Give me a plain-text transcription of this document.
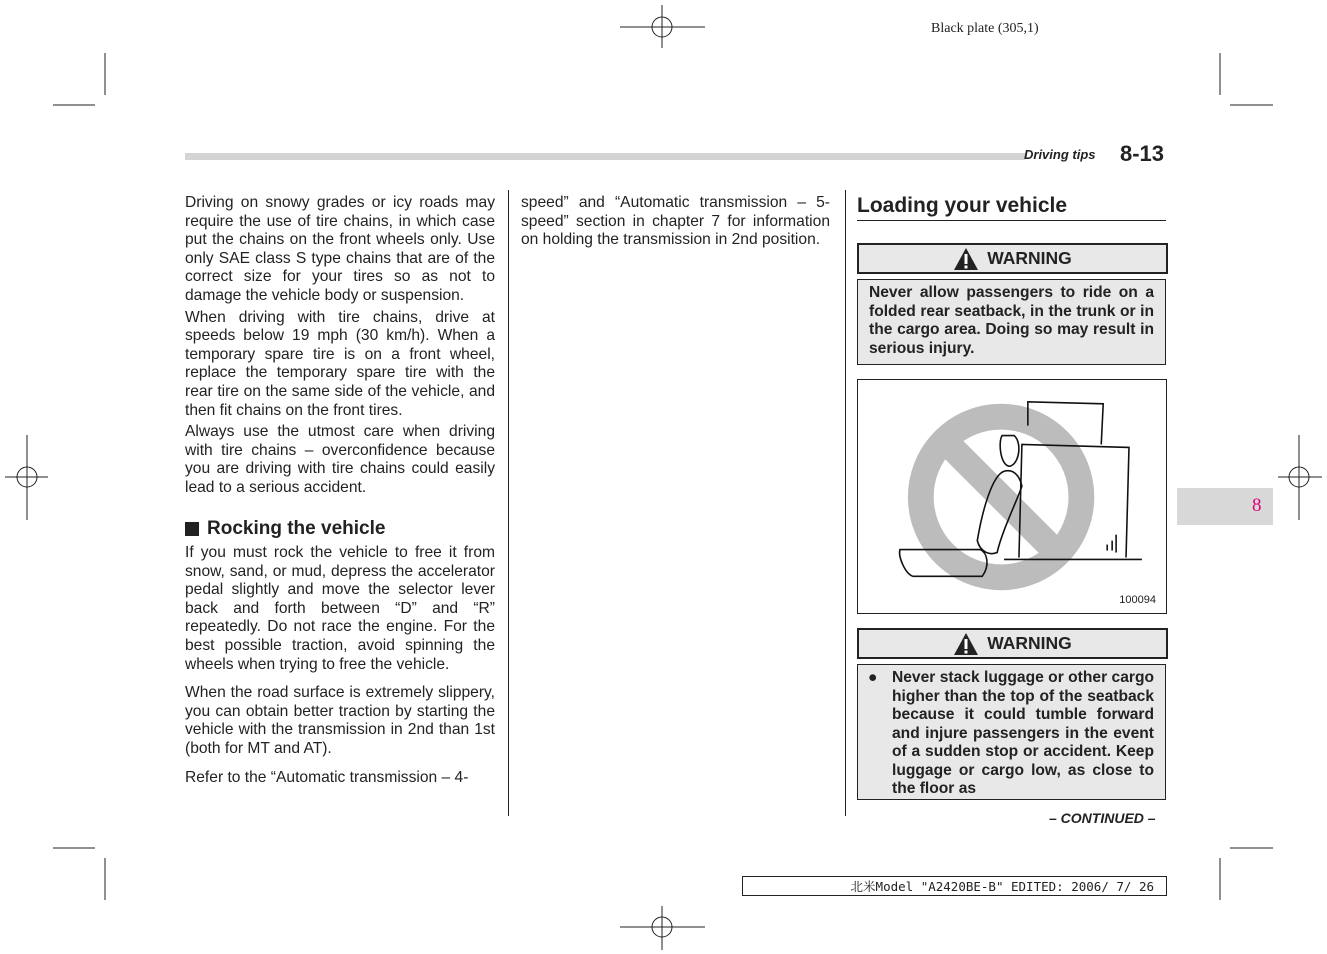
Black plate (305,1)
Driving tips 8-13
8

Driving on snowy grades or icy roads may require the use of tire chains, in which case put the chains on the front wheels only. Use only SAE class S type chains that are of the correct size for your tires so as not to damage the vehicle body or suspension.

When driving with tire chains, drive at speeds below 19 mph (30 km/h). When a temporary spare tire is on a front wheel, replace the temporary spare tire with the rear tire on the same side of the vehicle, and then fit chains on the front tires.

Always use the utmost care when driving with tire chains – overconfidence because you are driving with tire chains could easily lead to a serious accident.

Rocking the vehicle

If you must rock the vehicle to free it from snow, sand, or mud, depress the accelerator pedal slightly and move the selector lever back and forth between “D” and “R” repeatedly. Do not race the engine. For the best possible traction, avoid spinning the wheels when trying to free the vehicle.

When the road surface is extremely slippery, you can obtain better traction by starting the vehicle with the transmission in 2nd than 1st (both for MT and AT).

Refer to the “Automatic transmission – 4-

speed” and “Automatic transmission – 5-speed” section in chapter 7 for information on holding the transmission in 2nd position.

Loading your vehicle
WARNING
Never allow passengers to ride on a folded rear seatback, in the trunk or in the cargo area. Doing so may result in serious injury.
100094
WARNING
● Never stack luggage or other cargo higher than the top of the seatback because it could tumble forward and injure passengers in the event of a sudden stop or accident. Keep luggage or cargo low, as close to the floor as
– CONTINUED –
北米Model "A2420BE-B" EDITED: 2006/ 7/ 26
